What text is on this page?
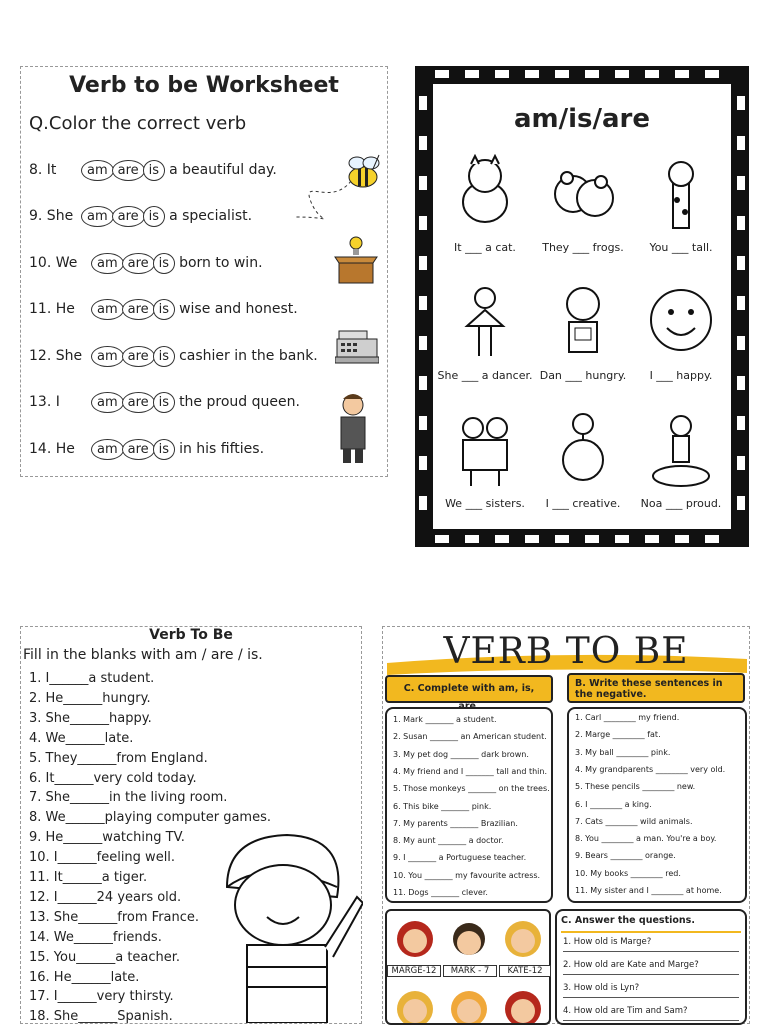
Verb to be Worksheet
Q.Color the correct verb
8. It	am are is a beautiful day.
9. She	am are is a specialist.
10. We	am are is born to win.
11. He	am are is wise and honest.
12. She	am are is cashier in the bank.
13. I	am are is the proud queen.
14. He	am are is in his fifties.
am/is/are
It ___ a cat.	They ___ frogs.	You ___ tall.
She ___ a dancer. Dan ___ hungry.	I ___ happy.
We ___ sisters.	I ___ creative.	Noa ___ proud.
Verb To Be
Fill in the blanks with am / are / is.
1. I______a student.
2. He______hungry.
3. She______happy.
4. We______late.
5. They______from England.
6. It______very cold today.
7. She______in the living room.
8. We______playing computer games.
9. He______watching TV.
10. I______feeling well.
11. It______a tiger.
12. I______24 years old.
13. She______from France.
14. We______friends.
15. You______a teacher.
16. He______late.
17. I______very thirsty.
18. She______Spanish.
VERB TO BE
C. Complete with am, is,	B. Write these sentences in the negative.
1. Mark _______ a student.
2. Susan _______ an American student.
3. My pet dog _______ dark brown.
4. My friend and I _______ tall and thin.
5. Those monkeys _______ on the trees.
6. This bike _______ pink.
7. My parents _______ Brazilian.
8. My aunt _______ a doctor.
9. I _______ a Portuguese teacher.
10. You _______ my favourite actress.
11. Dogs _______ clever.
1. Carl ________ my friend.
2. Marge ________ fat.
3. My ball ________ pink.
4. My grandparents ________ very old.
5. These pencils ________ new.
6. I ________ a king.
7. Cats ________ wild animals.
8. You ________ a man. You're a boy.
9. Bears ________ orange.
10. My books ________ red.
11. My sister and I ________ at home.
MARGE-12	MARK - 7	KATE-12
C. Answer the questions.
1. How old is Marge?
2. How old are Kate and Marge?
3. How old is Lyn?
4. How old are Tim and Sam?
